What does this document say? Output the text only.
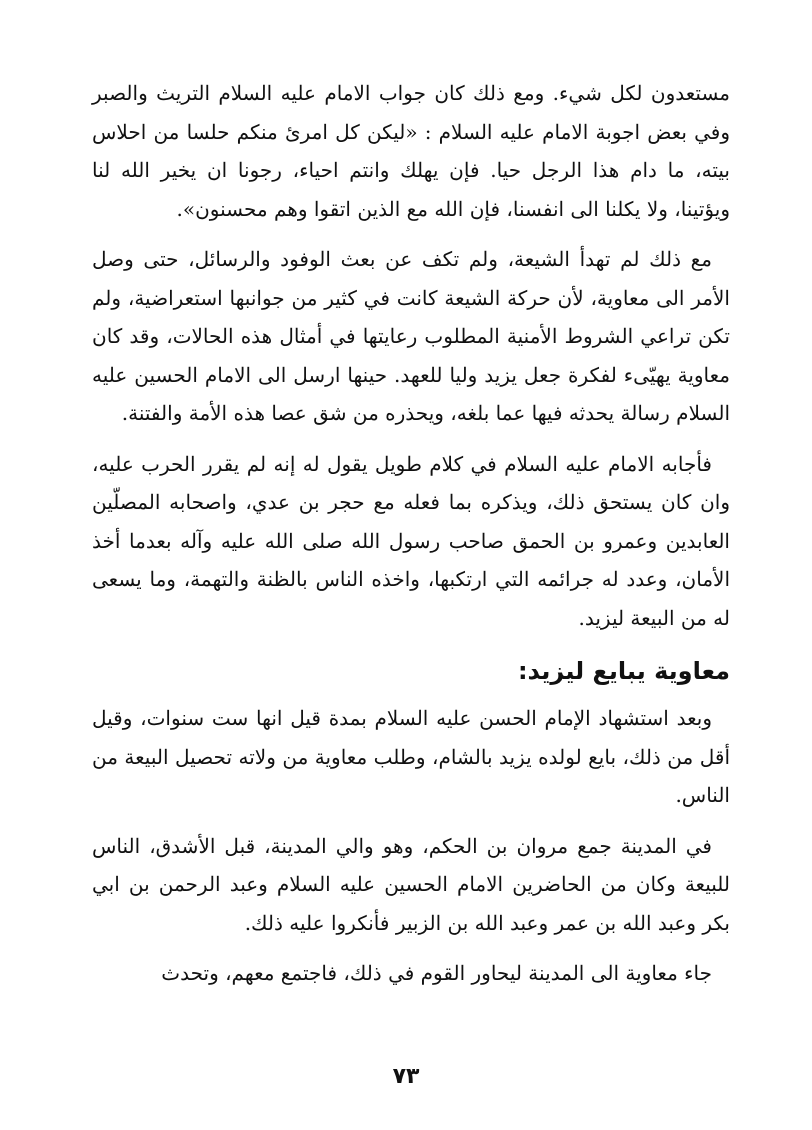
مستعدون لكل شيء. ومع ذلك كان جواب الامام عليه السلام التريث والصبر وفي بعض اجوبة الامام عليه السلام : «ليكن كل امرئ منكم حلسا من احلاس بيته، ما دام هذا الرجل حيا. فإن يهلك وانتم احياء، رجونا ان يخير الله لنا ويؤتينا، ولا يكلنا الى انفسنا، فإن الله مع الذين اتقوا وهم محسنون».

مع ذلك لم تهدأ الشيعة، ولم تكف عن بعث الوفود والرسائل، حتى وصل الأمر الى معاوية، لأن حركة الشيعة كانت في كثير من جوانبها استعراضية، ولم تكن تراعي الشروط الأمنية المطلوب رعايتها في أمثال هذه الحالات، وقد كان معاوية يهيّىء لفكرة جعل يزيد وليا للعهد. حينها ارسل الى الامام الحسين عليه السلام رسالة يحدثه فيها عما بلغه، ويحذره من شق عصا هذه الأمة والفتنة.

فأجابه الامام عليه السلام في كلام طويل يقول له إنه لم يقرر الحرب عليه، وان كان يستحق ذلك، ويذكره بما فعله مع حجر بن عدي، واصحابه المصلّين العابدين وعمرو بن الحمق صاحب رسول الله صلى الله عليه وآله بعدما أخذ الأمان، وعدد له جرائمه التي ارتكبها، واخذه الناس بالظنة والتهمة، وما يسعى له من البيعة ليزيد.

معاوية يبايع ليزيد:

وبعد استشهاد الإمام الحسن عليه السلام بمدة قيل انها ست سنوات، وقيل أقل من ذلك، بايع لولده يزيد بالشام، وطلب معاوية من ولاته تحصيل البيعة من الناس.

في المدينة جمع مروان بن الحكم، وهو والي المدينة، قبل الأشدق، الناس للبيعة وكان من الحاضرين الامام الحسين عليه السلام وعبد الرحمن بن ابي بكر وعبد الله بن عمر وعبد الله بن الزبير فأنكروا عليه ذلك.

جاء معاوية الى المدينة ليحاور القوم في ذلك، فاجتمع معهم، وتحدث

٧٣
